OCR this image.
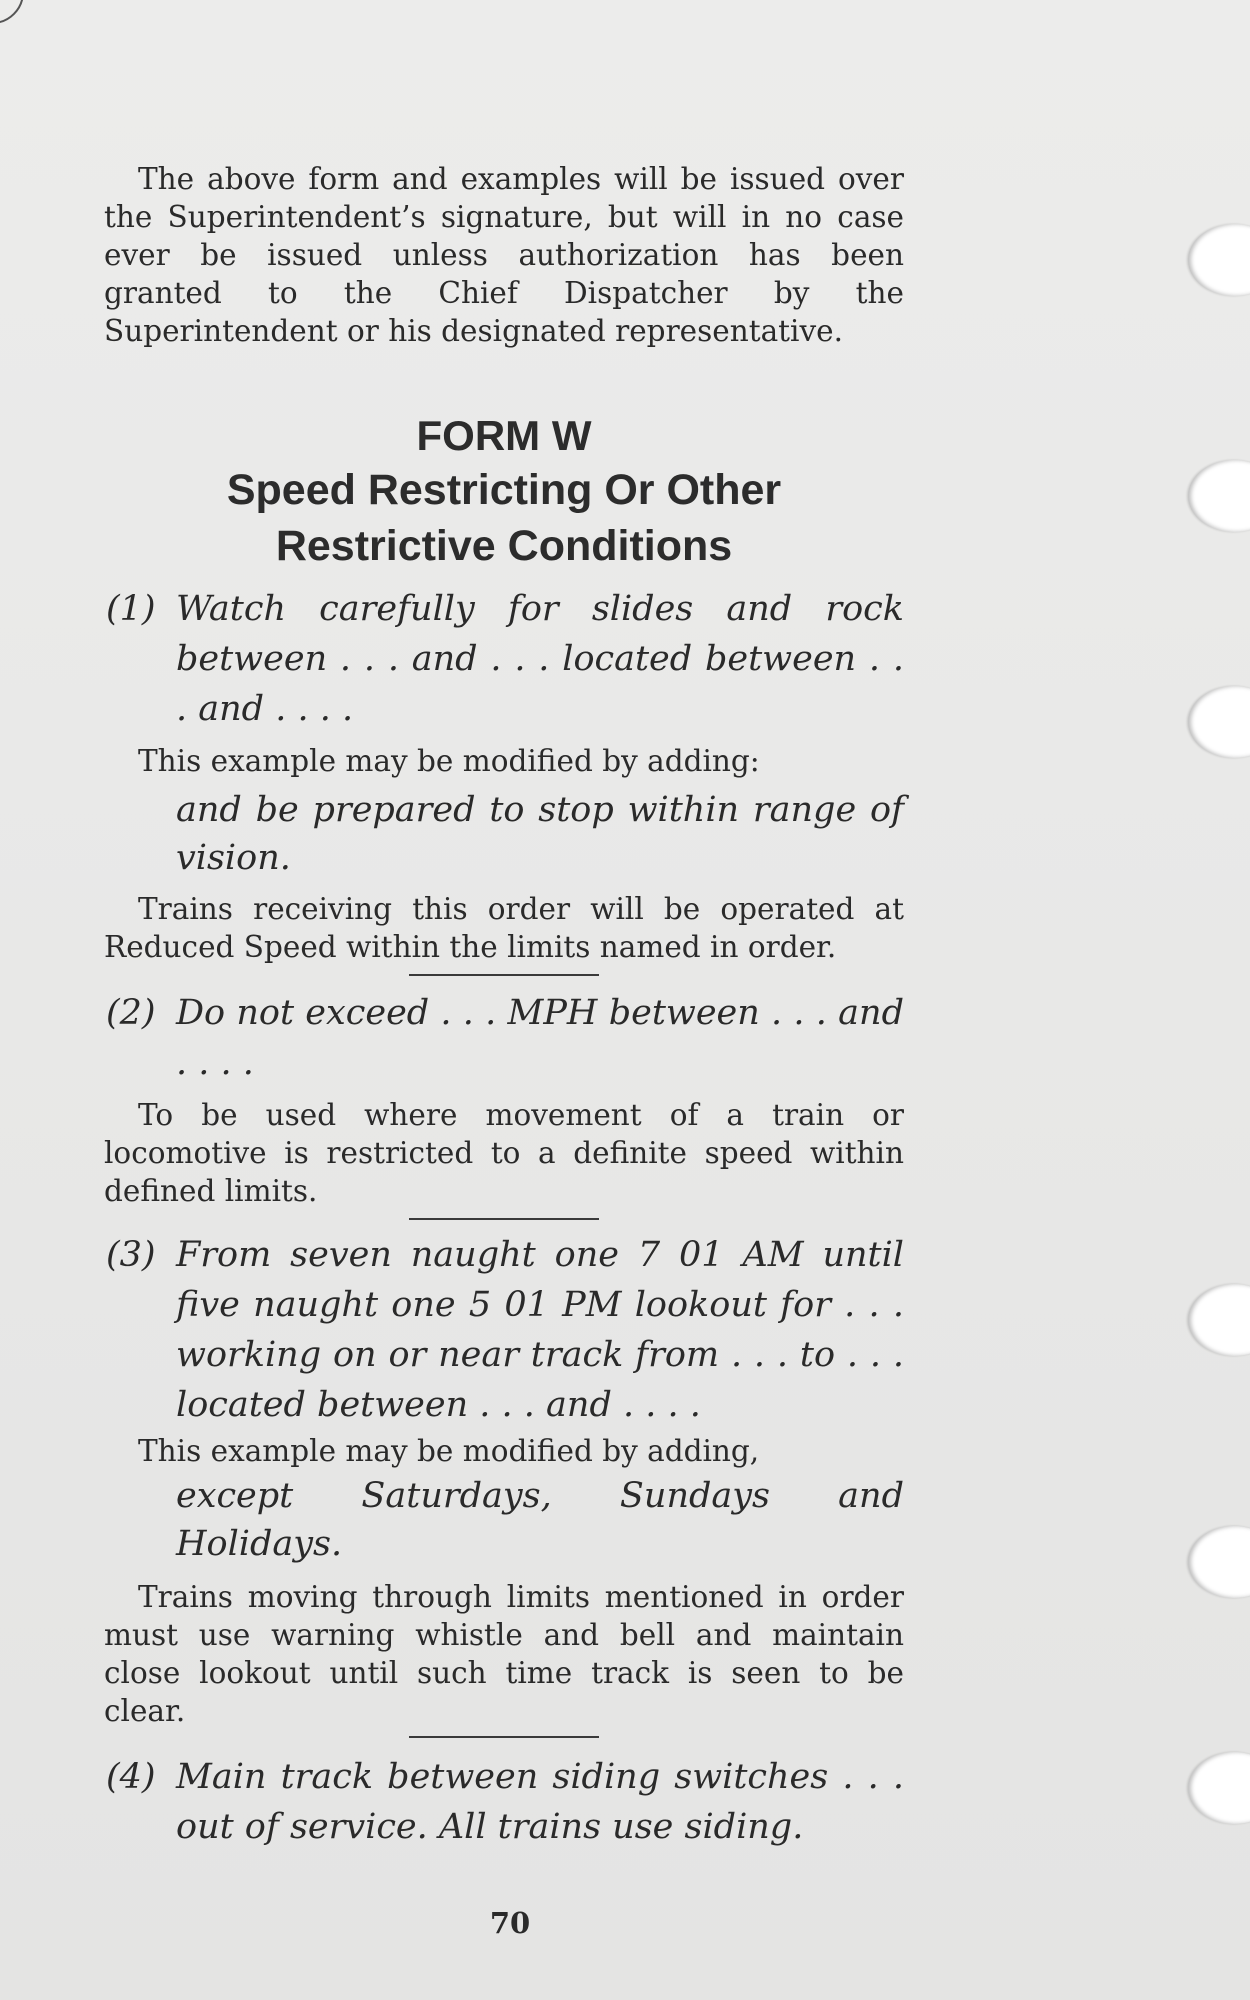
The above form and examples will be issued over the Superintendent’s signature, but will in no case ever be issued unless authorization has been granted to the Chief Dispatcher by the Superintendent or his designated representative.

FORM W

Speed Restricting Or Other

Restrictive Conditions

(1) Watch carefully for slides and rock between . . . and . . . located between . . . and . . . .

This example may be modified by adding:

and be prepared to stop within range of vision.

Trains receiving this order will be operated at Reduced Speed within the limits named in order.

(2) Do not exceed . . . MPH between . . . and . . . .

To be used where movement of a train or locomotive is restricted to a definite speed within defined limits.

(3) From seven naught one 7 01 AM until five naught one 5 01 PM lookout for . . . working on or near track from . . . to . . . located between . . . and . . . .

This example may be modified by adding,

except Saturdays, Sundays and Holidays.

Trains moving through limits mentioned in order must use warning whistle and bell and maintain close lookout until such time track is seen to be clear.

(4) Main track between siding switches . . . out of service. All trains use siding.
70
